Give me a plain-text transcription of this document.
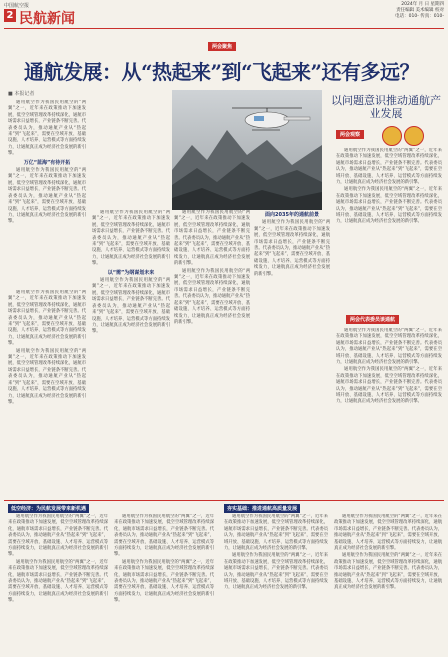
中国航空报
2 民航新闻
2024年 月 日 星期四
责任编辑 美术编辑 校对
电话：010- 传真：010-
两会聚焦
通航发展：从“热起来”到“飞起来”还有多远？
■ 本报记者

通用航空作为我国民用航空的“两翼”之一，近年来在政策推动下加速发展，低空空域管理改革持续深化，通航市场需求日益增长，产业链条不断完善。代表委员认为，推动通航产业从“热起来”到“飞起来”，需要在空域开放、基础设施、人才培养、运营模式等方面持续发力，让通航真正成为经济社会发展的新引擎。

万亿“蓝海”有待开拓

通用航空作为我国民用航空的“两翼”之一，近年来在政策推动下加速发展，低空空域管理改革持续深化，通航市场需求日益增长，产业链条不断完善。代表委员认为，推动通航产业从“热起来”到“飞起来”，需要在空域开放、基础设施、人才培养、运营模式等方面持续发力，让通航真正成为经济社会发展的新引擎。

通用航空作为我国民用航空的“两翼”之一，近年来在政策推动下加速发展，低空空域管理改革持续深化，通航市场需求日益增长，产业链条不断完善。代表委员认为，推动通航产业从“热起来”到“飞起来”，需要在空域开放、基础设施、人才培养、运营模式等方面持续发力，让通航真正成为经济社会发展的新引擎。

通用航空作为我国民用航空的“两翼”之一，近年来在政策推动下加速发展，低空空域管理改革持续深化，通航市场需求日益增长，产业链条不断完善。代表委员认为，推动通航产业从“热起来”到“飞起来”，需要在空域开放、基础设施、人才培养、运营模式等方面持续发力，让通航真正成为经济社会发展的新引擎。

以问题意识推动通航产业发展
两会观察

通用航空作为我国民用航空的“两翼”之一，近年来在政策推动下加速发展，低空空域管理改革持续深化，通航市场需求日益增长，产业链条不断完善。代表委员认为，推动通航产业从“热起来”到“飞起来”，需要在空域开放、基础设施、人才培养、运营模式等方面持续发力，让通航真正成为经济社会发展的新引擎。

通用航空作为我国民用航空的“两翼”之一，近年来在政策推动下加速发展，低空空域管理改革持续深化，通航市场需求日益增长，产业链条不断完善。代表委员认为，推动通航产业从“热起来”到“飞起来”，需要在空域开放、基础设施、人才培养、运营模式等方面持续发力，让通航真正成为经济社会发展的新引擎。

通用航空作为我国民用航空的“两翼”之一，近年来在政策推动下加速发展，低空空域管理改革持续深化，通航市场需求日益增长，产业链条不断完善。代表委员认为，推动通航产业从“热起来”到“飞起来”，需要在空域开放、基础设施、人才培养、运营模式等方面持续发力，让通航真正成为经济社会发展的新引擎。

以“需”为纲谋划未来

通用航空作为我国民用航空的“两翼”之一，近年来在政策推动下加速发展，低空空域管理改革持续深化，通航市场需求日益增长，产业链条不断完善。代表委员认为，推动通航产业从“热起来”到“飞起来”，需要在空域开放、基础设施、人才培养、运营模式等方面持续发力，让通航真正成为经济社会发展的新引擎。

通用航空作为我国民用航空的“两翼”之一，近年来在政策推动下加速发展，低空空域管理改革持续深化，通航市场需求日益增长，产业链条不断完善。代表委员认为，推动通航产业从“热起来”到“飞起来”，需要在空域开放、基础设施、人才培养、运营模式等方面持续发力，让通航真正成为经济社会发展的新引擎。

通用航空作为我国民用航空的“两翼”之一，近年来在政策推动下加速发展，低空空域管理改革持续深化，通航市场需求日益增长，产业链条不断完善。代表委员认为，推动通航产业从“热起来”到“飞起来”，需要在空域开放、基础设施、人才培养、运营模式等方面持续发力，让通航真正成为经济社会发展的新引擎。

面向2035年的通航前景

通用航空作为我国民用航空的“两翼”之一，近年来在政策推动下加速发展，低空空域管理改革持续深化，通航市场需求日益增长，产业链条不断完善。代表委员认为，推动通航产业从“热起来”到“飞起来”，需要在空域开放、基础设施、人才培养、运营模式等方面持续发力，让通航真正成为经济社会发展的新引擎。

两会代表委员谈通航

通用航空作为我国民用航空的“两翼”之一，近年来在政策推动下加速发展，低空空域管理改革持续深化，通航市场需求日益增长，产业链条不断完善。代表委员认为，推动通航产业从“热起来”到“飞起来”，需要在空域开放、基础设施、人才培养、运营模式等方面持续发力，让通航真正成为经济社会发展的新引擎。

通用航空作为我国民用航空的“两翼”之一，近年来在政策推动下加速发展，低空空域管理改革持续深化，通航市场需求日益增长，产业链条不断完善。代表委员认为，推动通航产业从“热起来”到“飞起来”，需要在空域开放、基础设施、人才培养、运营模式等方面持续发力，让通航真正成为经济社会发展的新引擎。

低空经济：为民航发展带来新机遇

通用航空作为我国民用航空的“两翼”之一，近年来在政策推动下加速发展，低空空域管理改革持续深化，通航市场需求日益增长，产业链条不断完善。代表委员认为，推动通航产业从“热起来”到“飞起来”，需要在空域开放、基础设施、人才培养、运营模式等方面持续发力，让通航真正成为经济社会发展的新引擎。

通用航空作为我国民用航空的“两翼”之一，近年来在政策推动下加速发展，低空空域管理改革持续深化，通航市场需求日益增长，产业链条不断完善。代表委员认为，推动通航产业从“热起来”到“飞起来”，需要在空域开放、基础设施、人才培养、运营模式等方面持续发力，让通航真正成为经济社会发展的新引擎。

通用航空作为我国民用航空的“两翼”之一，近年来在政策推动下加速发展，低空空域管理改革持续深化，通航市场需求日益增长，产业链条不断完善。代表委员认为，推动通航产业从“热起来”到“飞起来”，需要在空域开放、基础设施、人才培养、运营模式等方面持续发力，让通航真正成为经济社会发展的新引擎。

通用航空作为我国民用航空的“两翼”之一，近年来在政策推动下加速发展，低空空域管理改革持续深化，通航市场需求日益增长，产业链条不断完善。代表委员认为，推动通航产业从“热起来”到“飞起来”，需要在空域开放、基础设施、人才培养、运营模式等方面持续发力，让通航真正成为经济社会发展的新引擎。

夯实基础：推进通航高质量发展

通用航空作为我国民用航空的“两翼”之一，近年来在政策推动下加速发展，低空空域管理改革持续深化，通航市场需求日益增长，产业链条不断完善。代表委员认为，推动通航产业从“热起来”到“飞起来”，需要在空域开放、基础设施、人才培养、运营模式等方面持续发力，让通航真正成为经济社会发展的新引擎。

通用航空作为我国民用航空的“两翼”之一，近年来在政策推动下加速发展，低空空域管理改革持续深化，通航市场需求日益增长，产业链条不断完善。代表委员认为，推动通航产业从“热起来”到“飞起来”，需要在空域开放、基础设施、人才培养、运营模式等方面持续发力，让通航真正成为经济社会发展的新引擎。

通用航空作为我国民用航空的“两翼”之一，近年来在政策推动下加速发展，低空空域管理改革持续深化，通航市场需求日益增长，产业链条不断完善。代表委员认为，推动通航产业从“热起来”到“飞起来”，需要在空域开放、基础设施、人才培养、运营模式等方面持续发力，让通航真正成为经济社会发展的新引擎。

通用航空作为我国民用航空的“两翼”之一，近年来在政策推动下加速发展，低空空域管理改革持续深化，通航市场需求日益增长，产业链条不断完善。代表委员认为，推动通航产业从“热起来”到“飞起来”，需要在空域开放、基础设施、人才培养、运营模式等方面持续发力，让通航真正成为经济社会发展的新引擎。
